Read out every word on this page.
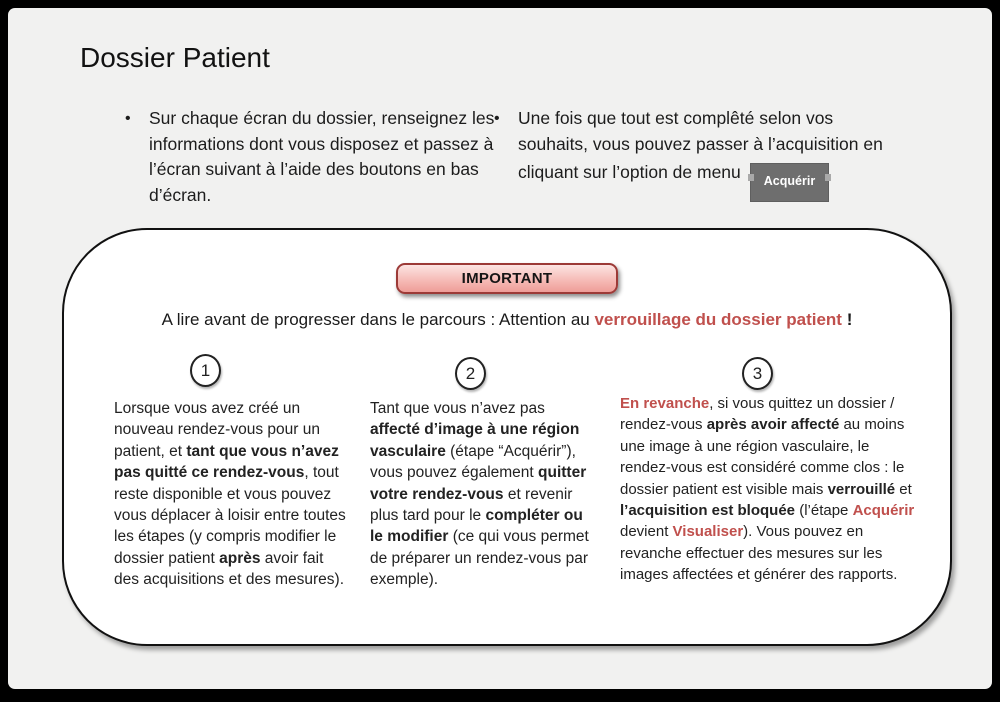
Dossier Patient
•	Sur chaque écran du dossier, renseignez les informations dont vous disposez et passez à l’écran suivant à l’aide des boutons en bas d’écran.
•	Une fois que tout est complêté selon vos souhaits, vous pouvez passer à l’acquisition en cliquant sur l’option de menu Acquérir
IMPORTANT
A lire avant de progresser dans le parcours : Attention au verrouillage du dossier patient !
1	2	3
Lorsque vous avez créé un nouveau rendez-vous pour un patient, et tant que vous n’avez pas quitté ce rendez-vous, tout reste disponible et vous pouvez vous déplacer à loisir entre toutes les étapes (y compris modifier le dossier patient après avoir fait des acquisitions et des mesures).
Tant que vous n’avez pas affecté d’image à une région vasculaire (étape “Acquérir”), vous pouvez également quitter votre rendez-vous et revenir plus tard pour le compléter ou le modifier (ce qui vous permet de préparer un rendez-vous par exemple).
En revanche, si vous quittez un dossier / rendez-vous après avoir affecté au moins une image à une région vasculaire, le rendez-vous est considéré comme clos : le dossier patient est visible mais verrouillé et l’acquisition est bloquée (l’étape Acquérir devient Visualiser). Vous pouvez en revanche effectuer des mesures sur les images affectées et générer des rapports.
